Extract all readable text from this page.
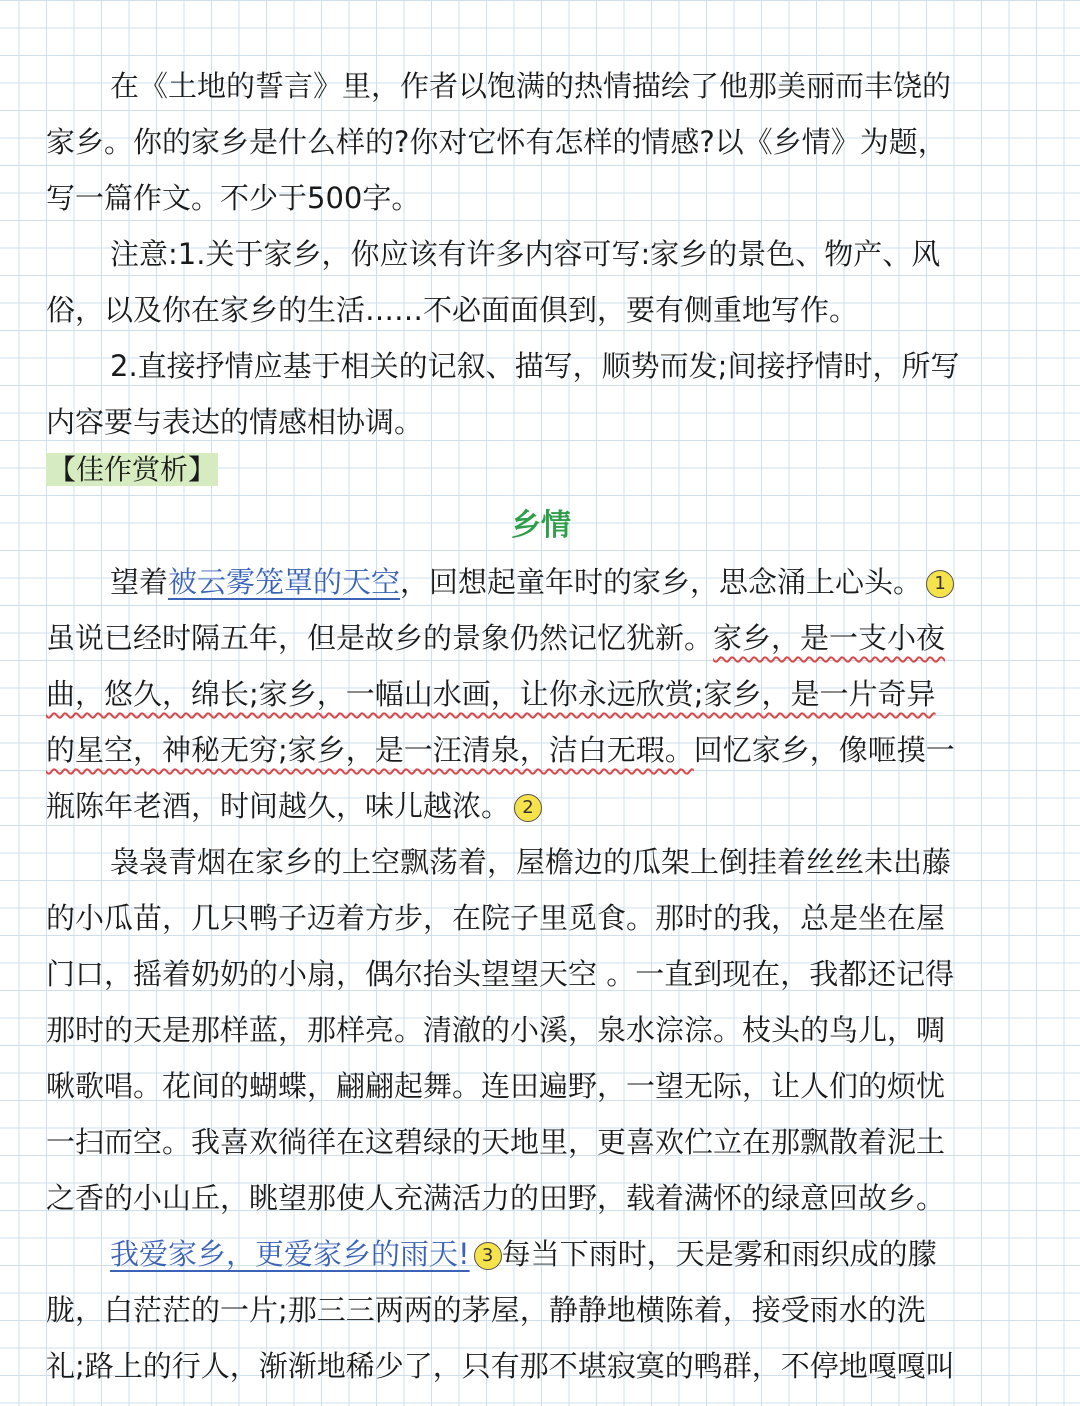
在《土地的誓言》里，作者以饱满的热情描绘了他那美丽而丰饶的
家乡。你的家乡是什么样的?你对它怀有怎样的情感?以《乡情》为题，
写一篇作文。不少于500字。
注意:1.关于家乡，你应该有许多内容可写:家乡的景色、物产、风
俗，以及你在家乡的生活……不必面面俱到，要有侧重地写作。
2.直接抒情应基于相关的记叙、描写，顺势而发;间接抒情时，所写
内容要与表达的情感相协调。
【佳作赏析】
乡情
望着被云雾笼罩的天空，回想起童年时的家乡，思念涌上心头。 1
虽说已经时隔五年，但是故乡的景象仍然记忆犹新。家乡，是一支小夜
曲，悠久，绵长;家乡，一幅山水画，让你永远欣赏;家乡，是一片奇异
的星空，神秘无穷;家乡，是一汪清泉，洁白无瑕。回忆家乡，像咂摸一
瓶陈年老酒，时间越久，味儿越浓。 2
袅袅青烟在家乡的上空飘荡着，屋檐边的瓜架上倒挂着丝丝未出藤
的小瓜苗，几只鸭子迈着方步，在院子里觅食。那时的我，总是坐在屋
门口，摇着奶奶的小扇，偶尔抬头望望天空 。一直到现在，我都还记得
那时的天是那样蓝，那样亮。清澈的小溪，泉水淙淙。枝头的鸟儿，啁
啾歌唱。花间的蝴蝶，翩翩起舞。连田遍野，一望无际，让人们的烦忧
一扫而空。我喜欢徜徉在这碧绿的天地里，更喜欢伫立在那飘散着泥土
之香的小山丘，眺望那使人充满活力的田野，载着满怀的绿意回故乡。
我爱家乡，更爱家乡的雨天! 3 每当下雨时，天是雾和雨织成的朦
胧，白茫茫的一片;那三三两两的茅屋，静静地横陈着，接受雨水的洗
礼;路上的行人，渐渐地稀少了，只有那不堪寂寞的鸭群，不停地嘎嘎叫
